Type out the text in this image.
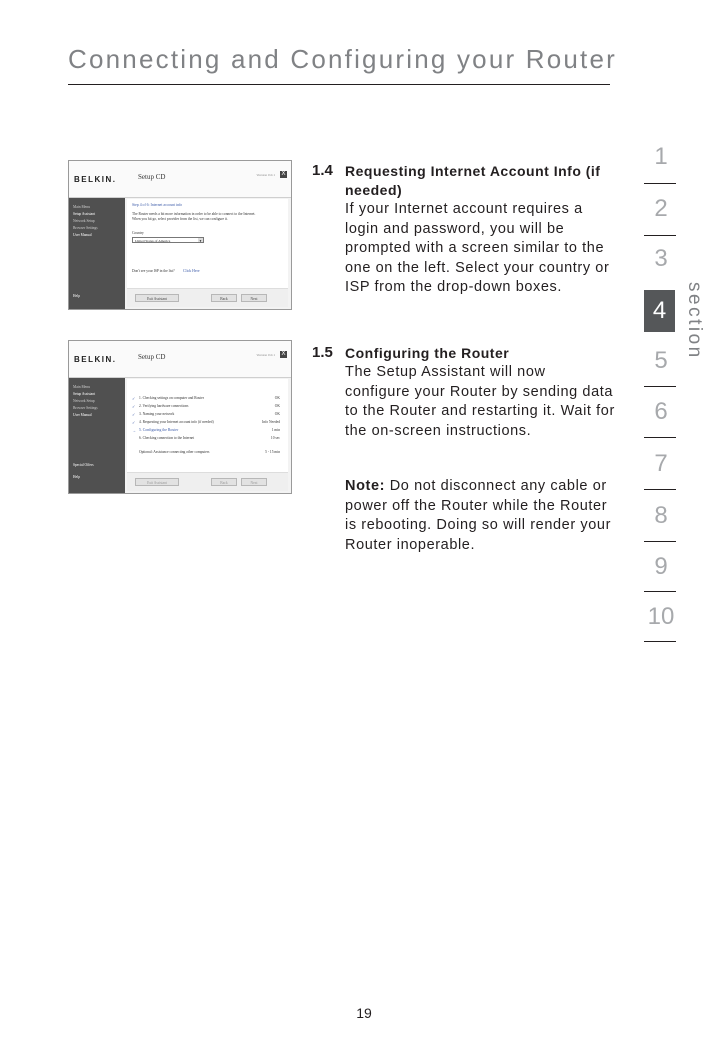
Connecting and Configuring your Router
BELKIN.	Setup CD	Version 0.0.1 X
Main Menu
Setup Assistant
Network Setup
Browser Settings
User Manual
Help
Step 4 of 6: Internet account info
The Router needs a bit more information in order to be able to connect to the Internet.
When you hit go, select provider from the list, we can configure it.
Country
United States of America	▼
Don't see your ISP in the list? Click Here
Exit Assistant	Back	Next
BELKIN.	Setup CD	Version 0.0.1 X
Main Menu
Setup Assistant
Network Setup
Browser Settings
User Manual
Special Offers
Help
✓ 1. Checking settings on computer and Router	OK
✓ 2. Verifying hardware connections	OK
✓ 3. Naming your network	OK
✓ 4. Requesting your Internet account info (if needed)	Info Needed
→ 5. Configuring the Router	1 min
6. Checking connection to the Internet	10 sec
Optional: Assistance connecting other computers	5 - 15 min
Exit Assistant	Back	Next
1.4 Requesting Internet Account Info (if needed)
If your Internet account requires a login and password, you will be prompted with a screen similar to the one on the left. Select your country or ISP from the drop-down boxes.
1.5 Configuring the Router
The Setup Assistant will now configure your Router by sending data to the Router and restarting it. Wait for the on-screen instructions.
Note: Do not disconnect any cable or power off the Router while the Router is rebooting. Doing so will render your Router inoperable.
1
2
3
4
5
6
7
8
9
10
section
19
